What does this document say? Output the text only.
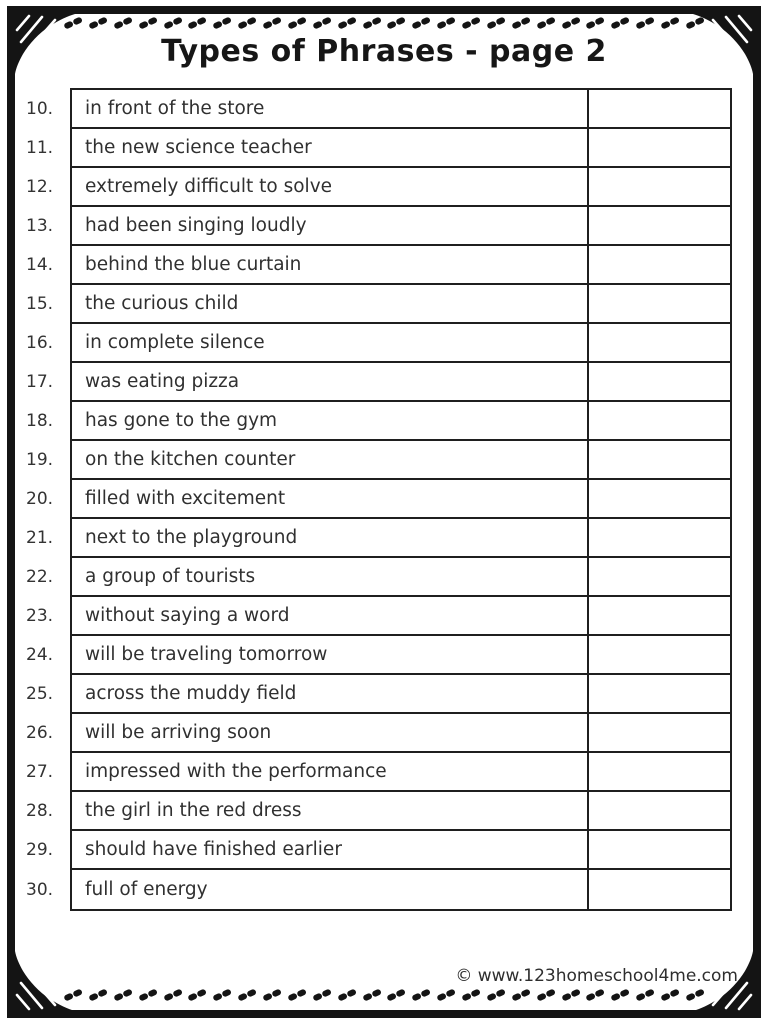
Types of Phrases - page 2
10.	in front of the store
11.	the new science teacher
12.	extremely difficult to solve
13.	had been singing loudly
14.	behind the blue curtain
15.	the curious child
16.	in complete silence
17.	was eating pizza
18.	has gone to the gym
19.	on the kitchen counter
20.	filled with excitement
21.	next to the playground
22.	a group of tourists
23.	without saying a word
24.	will be traveling tomorrow
25.	across the muddy field
26.	will be arriving soon
27.	impressed with the performance
28.	the girl in the red dress
29.	should have finished earlier
30.	full of energy
© www.123homeschool4me.com
